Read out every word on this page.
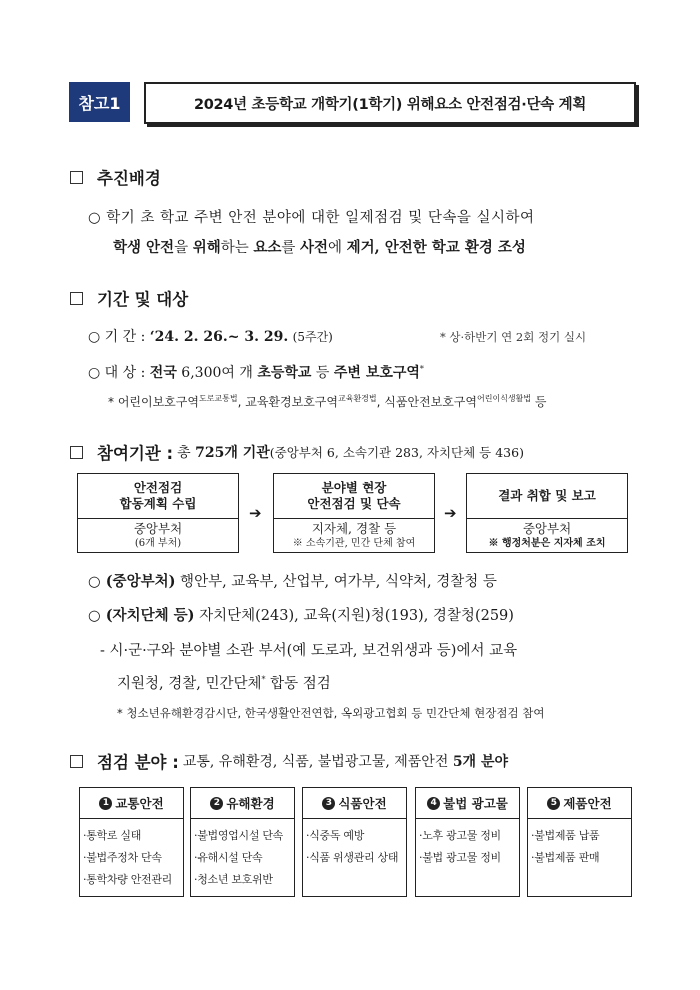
참고1	2024년 초등학교 개학기(1학기) 위해요소 안전점검·단속 계획
추진배경
○ 학기 초 학교 주변 안전 분야에 대한 일제점검 및 단속을 실시하여
학생 안전을 위해하는 요소를 사전에 제거, 안전한 학교 환경 조성
기간 및 대상
○ 기 간 : ‘24. 2. 26.~ 3. 29. (5주간)	* 상·하반기 연 2회 정기 실시
○ 대 상 : 전국 6,300여 개 초등학교 등 주변 보호구역*
* 어린이보호구역$^{도로교통법}$, 교육환경보호구역$^{교육환경법}$, 식품안전보호구역$^{어린이식생활법}$ 등
참여기관 : 총 725개 기관(중앙부처 6, 소속기관 283, 자치단체 등 436)
안전점검
합동계획 수립
중앙부처
(6개 부처)
➔
분야별 현장
안전점검 및 단속
지자체, 경찰 등
※ 소속기관, 민간 단체 참여
➔
결과 취합 및 보고
중앙부처
※ 행정처분은 지자체 조치
○ (중앙부처) 행안부, 교육부, 산업부, 여가부, 식약처, 경찰청 등
○ (자치단체 등) 자치단체(243), 교육(지원)청(193), 경찰청(259)
- 시·군·구와 분야별 소관 부서(예 도로과, 보건위생과 등)에서 교육
지원청, 경찰, 민간단체* 합동 점검
* 청소년유해환경감시단, 한국생활안전연합, 옥외광고협회 등 민간단체 현장점검 참여
점검 분야 : 교통, 유해환경, 식품, 불법광고물, 제품안전 5개 분야
1 교통안전
·통학로 실태
·불법주정차 단속
·통학차량 안전관리
2 유해환경
·불법영업시설 단속
·유해시설 단속
·청소년 보호위반
3 식품안전
·식중독 예방
·식품 위생관리 상태
4 불법 광고물
·노후 광고물 정비
·불법 광고물 정비
5 제품안전
·불법제품 납품
·불법제품 판매
